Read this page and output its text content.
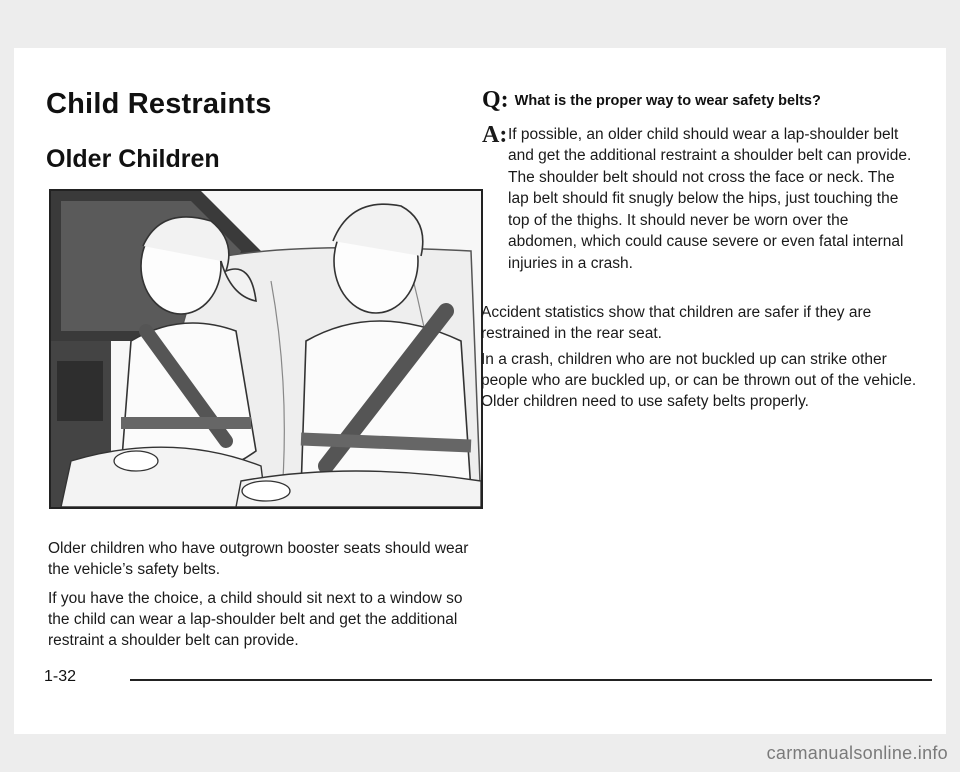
Child Restraints
Older Children

Older children who have outgrown booster seats should wear the vehicle’s safety belts.

If you have the choice, a child should sit next to a window so the child can wear a lap-shoulder belt and get the additional restraint a shoulder belt can provide.

Q: What is the proper way to wear safety belts?
A: If possible, an older child should wear a lap-shoulder belt and get the additional restraint a shoulder belt can provide. The shoulder belt should not cross the face or neck. The lap belt should fit snugly below the hips, just touching the top of the thighs. It should never be worn over the abdomen, which could cause severe or even fatal internal injuries in a crash.

Accident statistics show that children are safer if they are restrained in the rear seat.

In a crash, children who are not buckled up can strike other people who are buckled up, or can be thrown out of the vehicle. Older children need to use safety belts properly.

1-32
carmanualsonline.info
